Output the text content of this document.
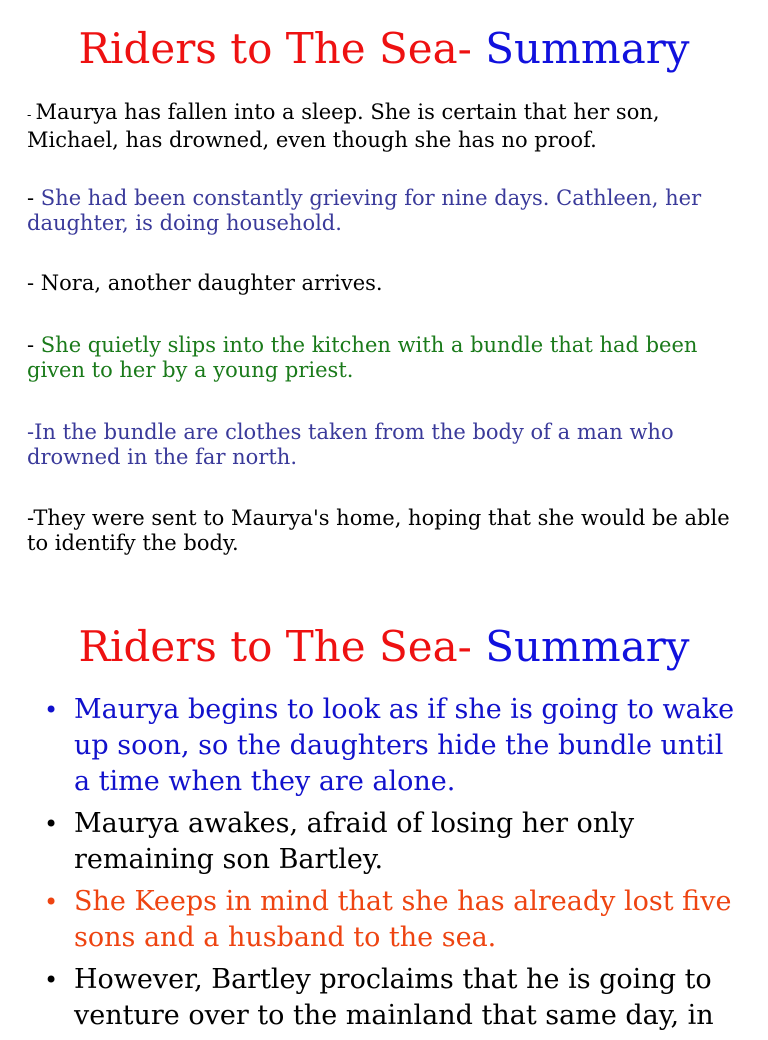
Riders to The Sea- Summary

- Maurya has fallen into a sleep. She is certain that her son, Michael, has drowned, even though she has no proof.

- She had been constantly grieving for nine days. Cathleen, her daughter, is doing household.

- Nora, another daughter arrives.

- She quietly slips into the kitchen with a bundle that had been given to her by a young priest.

-In the bundle are clothes taken from the body of a man who drowned in the far north.

-They were sent to Maurya's home, hoping that she would be able to identify the body.

Riders to The Sea- Summary
• Maurya begins to look as if she is going to wake up soon, so the daughters hide the bundle until a time when they are alone.
• Maurya awakes, afraid of losing her only remaining son Bartley.
• She Keeps in mind that she has already lost five sons and a husband to the sea.
• However, Bartley proclaims that he is going to venture over to the mainland that same day, in
